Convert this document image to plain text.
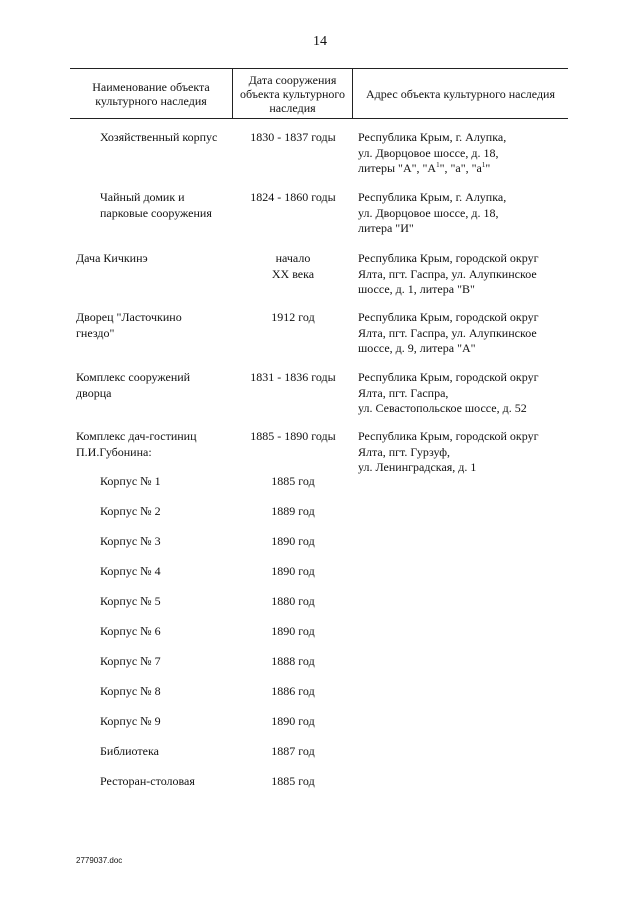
14
Наименование объекта культурного наследия
Дата сооружения объекта культурного наследия
Адрес объекта культурного наследия
Хозяйственный корпус	1830 - 1837 годы	Республика Крым, г. Алупка,
ул. Дворцовое шоссе, д. 18,
литеры "А", "$А^1$", "а", "$а^1$"
Чайный домик и
парковые сооружения
1824 - 1860 годы	Республика Крым, г. Алупка,
ул. Дворцовое шоссе, д. 18,
литера "И"
Дача Кичкинэ	начало
XX века
Республика Крым, городской округ
Ялта, пгт. Гаспра, ул. Алупкинское
шоссе, д. 1, литера "В"
Дворец "Ласточкино
гнездо"
1912 год	Республика Крым, городской округ
Ялта, пгт. Гаспра, ул. Алупкинское
шоссе, д. 9, литера "А"
Комплекс сооружений
дворца
1831 - 1836 годы	Республика Крым, городской округ
Ялта, пгт. Гаспра,
ул. Севастопольское шоссе, д. 52
Комплекс дач-гостиниц
П.И.Губонина:
1885 - 1890 годы	Республика Крым, городской округ
Ялта, пгт. Гурзуф,
ул. Ленинградская, д. 1
Корпус № 1	1885 год
Корпус № 2	1889 год
Корпус № 3	1890 год
Корпус № 4	1890 год
Корпус № 5	1880 год
Корпус № 6	1890 год
Корпус № 7	1888 год
Корпус № 8	1886 год
Корпус № 9	1890 год
Библиотека	1887 год
Ресторан-столовая	1885 год
2779037.doc
